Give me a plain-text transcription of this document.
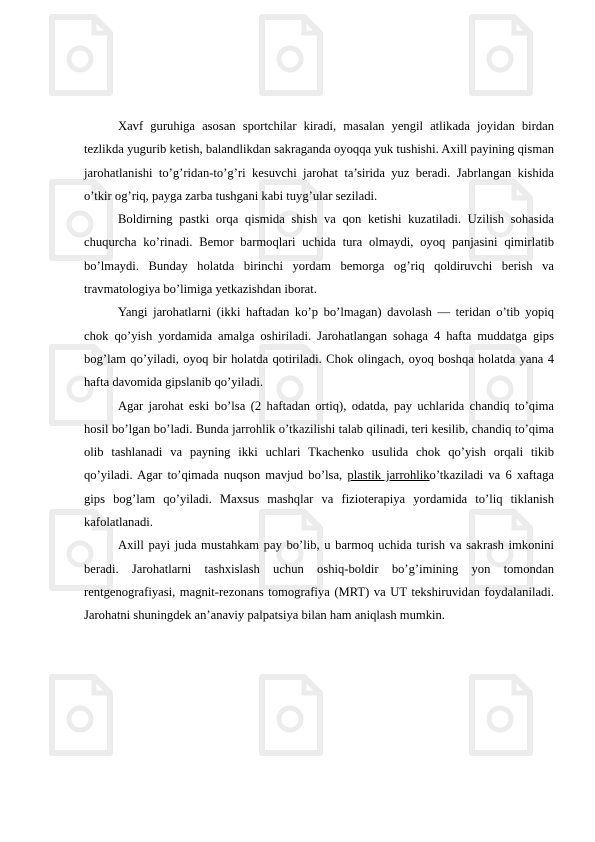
Xavf guruhiga asosan sportchilar kiradi, masalan yengil atlikada joyidan birdan tezlikda yugurib ketish, balandlikdan sakraganda oyoqqa yuk tushishi. Axill payining qisman jarohatlanishi to’g’ridan-to’g’ri kesuvchi jarohat ta’sirida yuz beradi. Jabrlangan kishida o’tkir og’riq, payga zarba tushgani kabi tuyg’ular seziladi.

Boldirning pastki orqa qismida shish va qon ketishi kuzatiladi. Uzilish sohasida chuqurcha ko’rinadi. Bemor barmoqlari uchida tura olmaydi, oyoq panjasini qimirlatib bo’lmaydi. Bunday holatda birinchi yordam bemorga og’riq qoldiruvchi berish va travmatologiya bo’limiga yetkazishdan iborat.

Yangi jarohatlarni (ikki haftadan ko’p bo’lmagan) davolash — teridan o’tib yopiq chok qo’yish yordamida amalga oshiriladi. Jarohatlangan sohaga 4 hafta muddatga gips bog’lam qo’yiladi, oyoq bir holatda qotiriladi. Chok olingach, oyoq boshqa holatda yana 4 hafta davomida gipslanib qo’yiladi.

Agar jarohat eski bo’lsa (2 haftadan ortiq), odatda, pay uchlarida chandiq to’qima hosil bo’lgan bo’ladi. Bunda jarrohlik o’tkazilishi talab qilinadi, teri kesilib, chandiq to’qima olib tashlanadi va payning ikki uchlari Tkachenko usulida chok qo’yish orqali tikib qo’yiladi. Agar to’qimada nuqson mavjud bo’lsa, plastik jarrohliko’tkaziladi va 6 xaftaga gips bog’lam qo’yiladi. Maxsus mashqlar va fizioterapiya yordamida to’liq tiklanish kafolatlanadi.

Axill payi juda mustahkam pay bo’lib, u barmoq uchida turish va sakrash imkonini beradi. Jarohatlarni tashxislash uchun oshiq-boldir bo’g’imining yon tomondan rentgenografiyasi, magnit-rezonans tomografiya (MRT) va UT tekshiruvidan foydalaniladi. Jarohatni shuningdek an’anaviy palpatsiya bilan ham aniqlash mumkin.
